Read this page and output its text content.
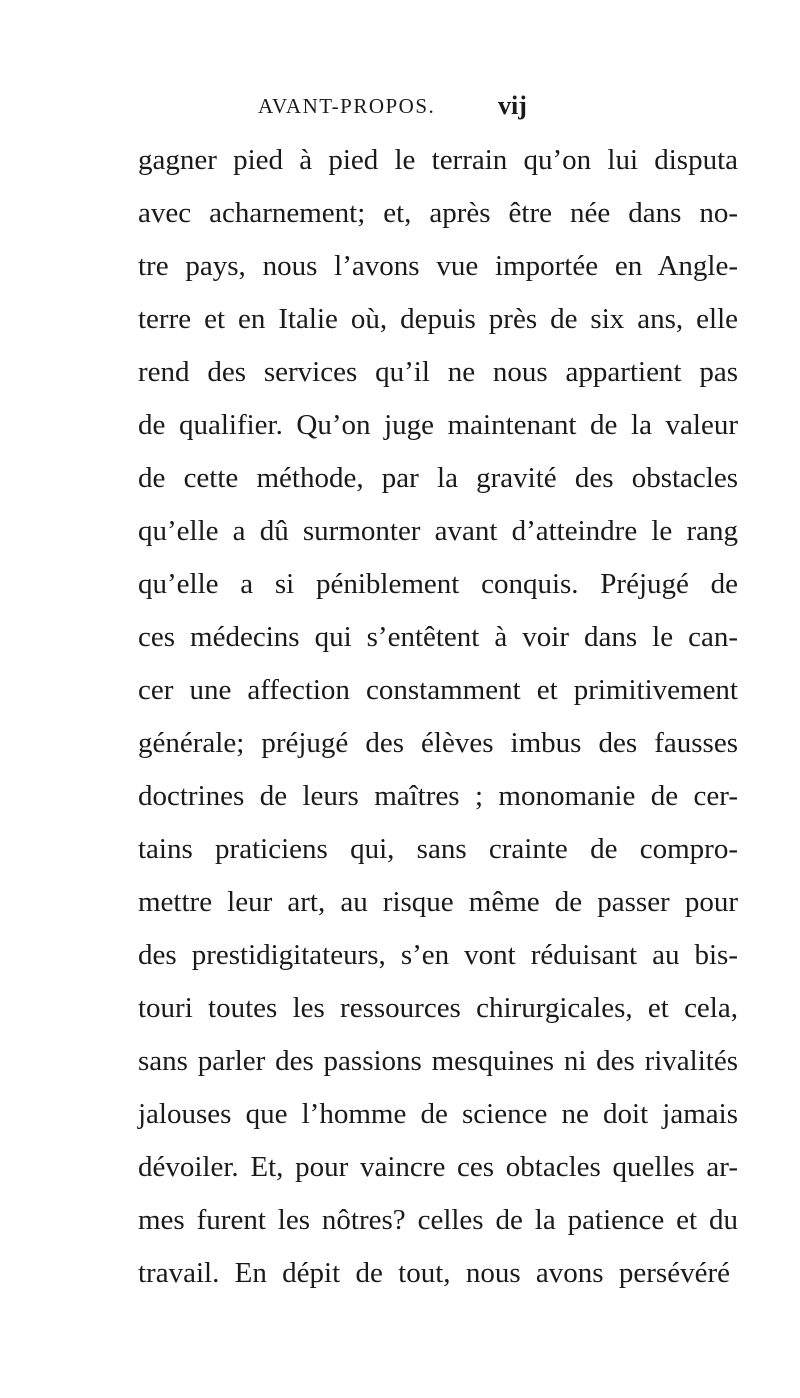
AVANT-PROPOS. vij
gagner pied à pied le terrain qu’on lui disputa
avec acharnement; et, après être née dans no-
tre pays, nous l’avons vue importée en Angle-
terre et en Italie où, depuis près de six ans, elle
rend des services qu’il ne nous appartient pas
de qualifier. Qu’on juge maintenant de la valeur
de cette méthode, par la gravité des obstacles
qu’elle a dû surmonter avant d’atteindre le rang
qu’elle a si péniblement conquis. Préjugé de
ces médecins qui s’entêtent à voir dans le can-
cer une affection constamment et primitivement
générale; préjugé des élèves imbus des fausses
doctrines de leurs maîtres ; monomanie de cer-
tains praticiens qui, sans crainte de compro-
mettre leur art, au risque même de passer pour
des prestidigitateurs, s’en vont réduisant au bis-
touri toutes les ressources chirurgicales, et cela,
sans parler des passions mesquines ni des rivalités
jalouses que l’homme de science ne doit jamais
dévoiler. Et, pour vaincre ces obtacles quelles ar-
mes furent les nôtres? celles de la patience et du
travail. En dépit de tout, nous avons persévéré
